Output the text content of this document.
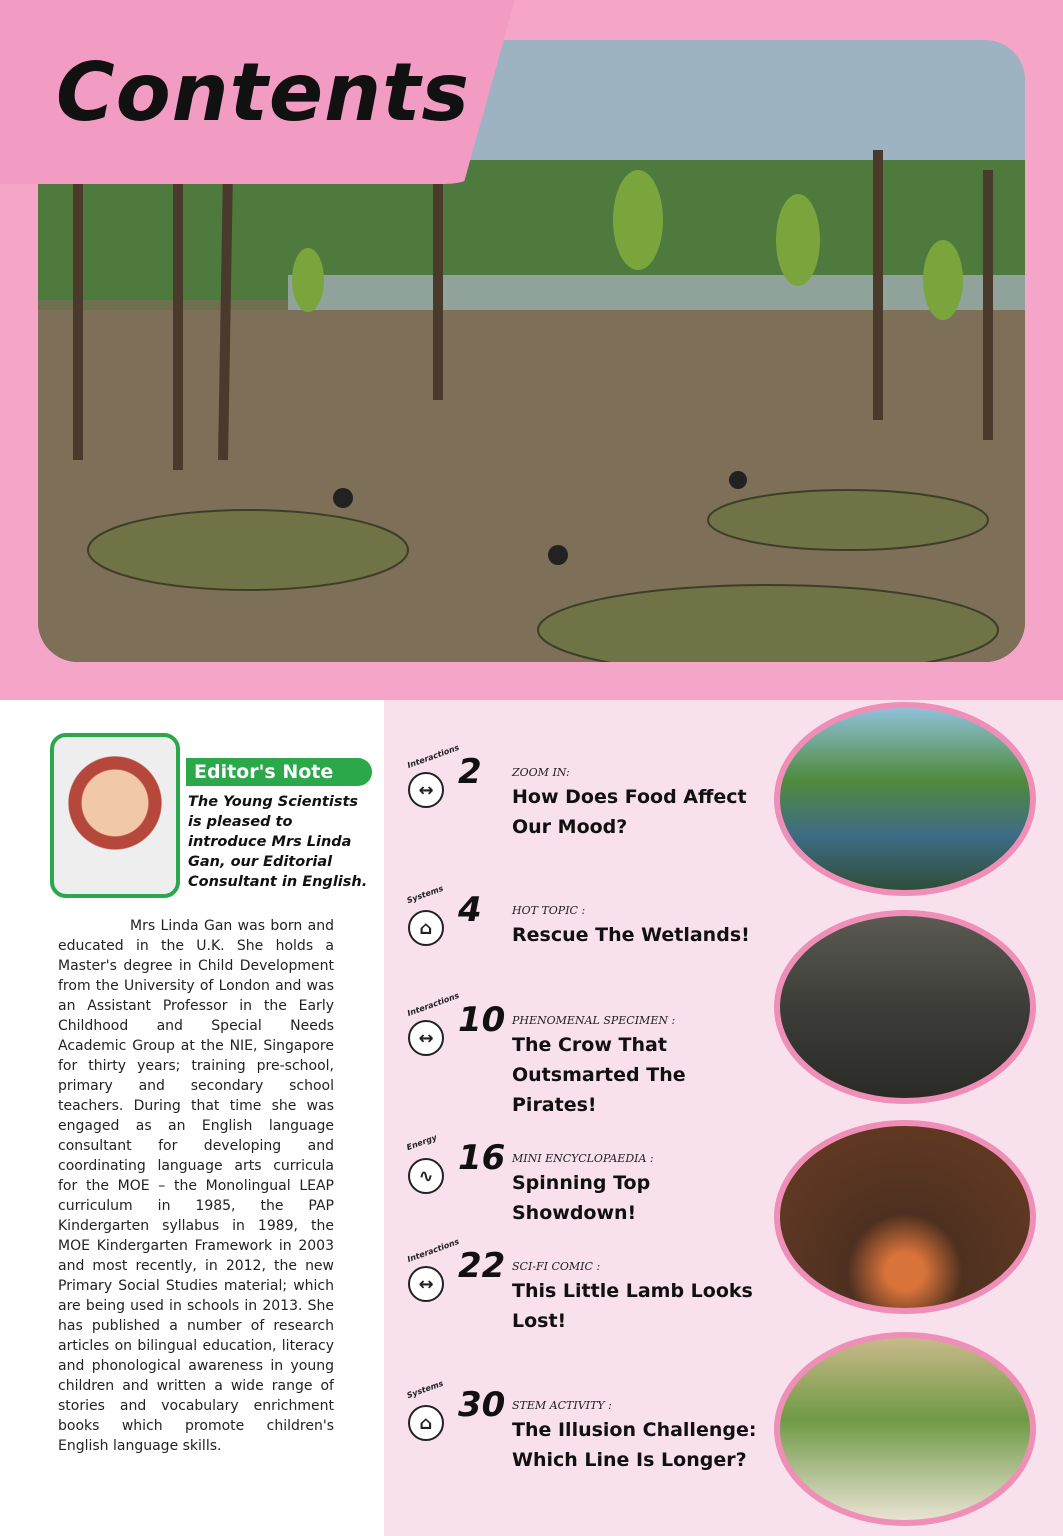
Contents
Editor's Note

The Young Scientists is pleased to introduce Mrs Linda Gan, our Editorial Consultant in English.

Mrs Linda Gan was born and educated in the U.K. She holds a Master's degree in Child Development from the University of London and was an Assistant Professor in the Early Childhood and Special Needs Academic Group at the NIE, Singapore for thirty years; training pre-school, primary and secondary school teachers. During that time she was engaged as an English language consultant for developing and coordinating language arts curricula for the MOE – the Monolingual LEAP curriculum in 1985, the PAP Kindergarten syllabus in 1989, the MOE Kindergarten Framework in 2003 and most recently, in 2012, the new Primary Social Studies material; which are being used in schools in 2013. She has published a number of research articles on bilingual education, literacy and phonological awareness in young children and written a wide range of stories and vocabulary enrichment books which promote children's English language skills.

Interactions
↔ 2	ZOOM IN:
How Does Food Affect Our Mood?
Systems
⌂ 4	HOT TOPIC :
Rescue The Wetlands!
Interactions
↔ 10 PHENOMENAL SPECIMEN :
The Crow That Outsmarted The Pirates!
Energy
∿ 16 MINI ENCYCLOPAEDIA :
Spinning Top Showdown!
Interactions
↔ 22 SCI-FI COMIC :
This Little Lamb Looks Lost!
Systems
⌂ 30 STEM ACTIVITY :
The Illusion Challenge: Which Line Is Longer?
